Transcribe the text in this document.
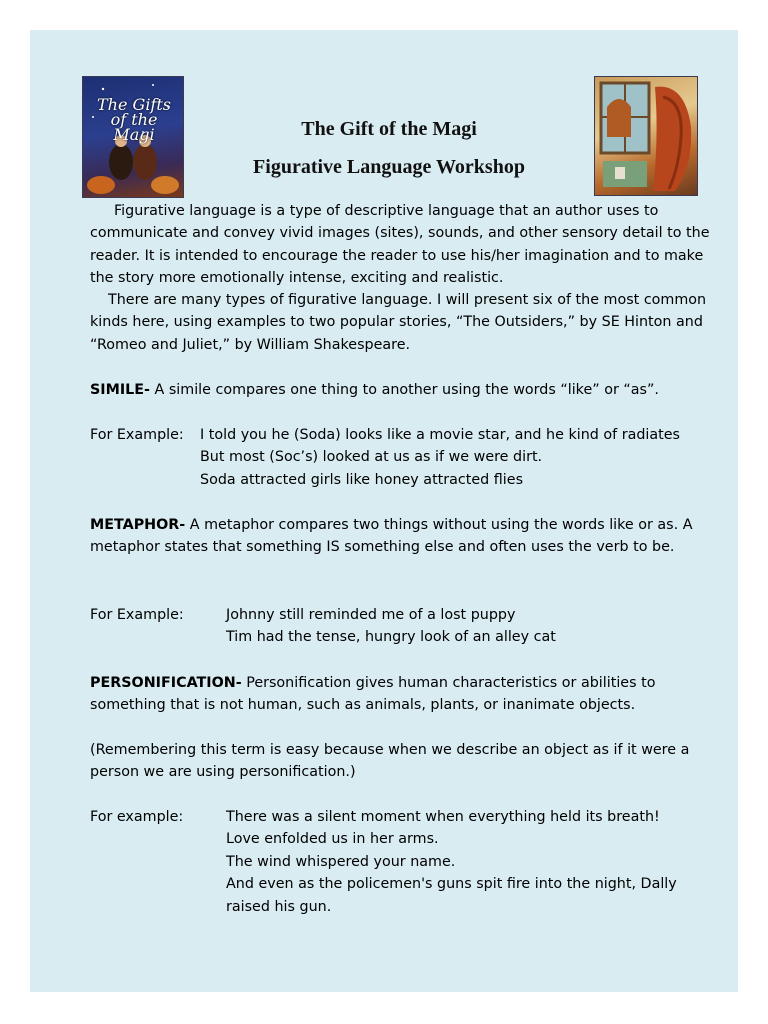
The Gifts of the Magi	The Gift of the Magi
Figurative Language Workshop

Figurative language is a type of descriptive language that an author uses to communicate and convey vivid images (sites), sounds, and other sensory detail to the reader. It is intended to encourage the reader to use his/her imagination and to make the story more emotionally intense, exciting and realistic.

There are many types of figurative language. I will present six of the most common kinds here, using examples to two popular stories, “The Outsiders,” by SE Hinton and “Romeo and Juliet,” by William Shakespeare.

SIMILE- A simile compares one thing to another using the words “like” or “as”.

For Example: I told you he (Soda) looks like a movie star, and he kind of radiates
But most (Soc’s) looked at us as if we were dirt.
Soda attracted girls like honey attracted flies

METAPHOR- A metaphor compares two things without using the words like or as. A metaphor states that something IS something else and often uses the verb to be.

For Example:	Johnny still reminded me of a lost puppy
Tim had the tense, hungry look of an alley cat

PERSONIFICATION- Personification gives human characteristics or abilities to something that is not human, such as animals, plants, or inanimate objects.

(Remembering this term is easy because when we describe an object as if it were a person we are using personification.)

For example:	There was a silent moment when everything held its breath!
Love enfolded us in her arms.
The wind whispered your name.
And even as the policemen's guns spit fire into the night, Dally
raised his gun.
